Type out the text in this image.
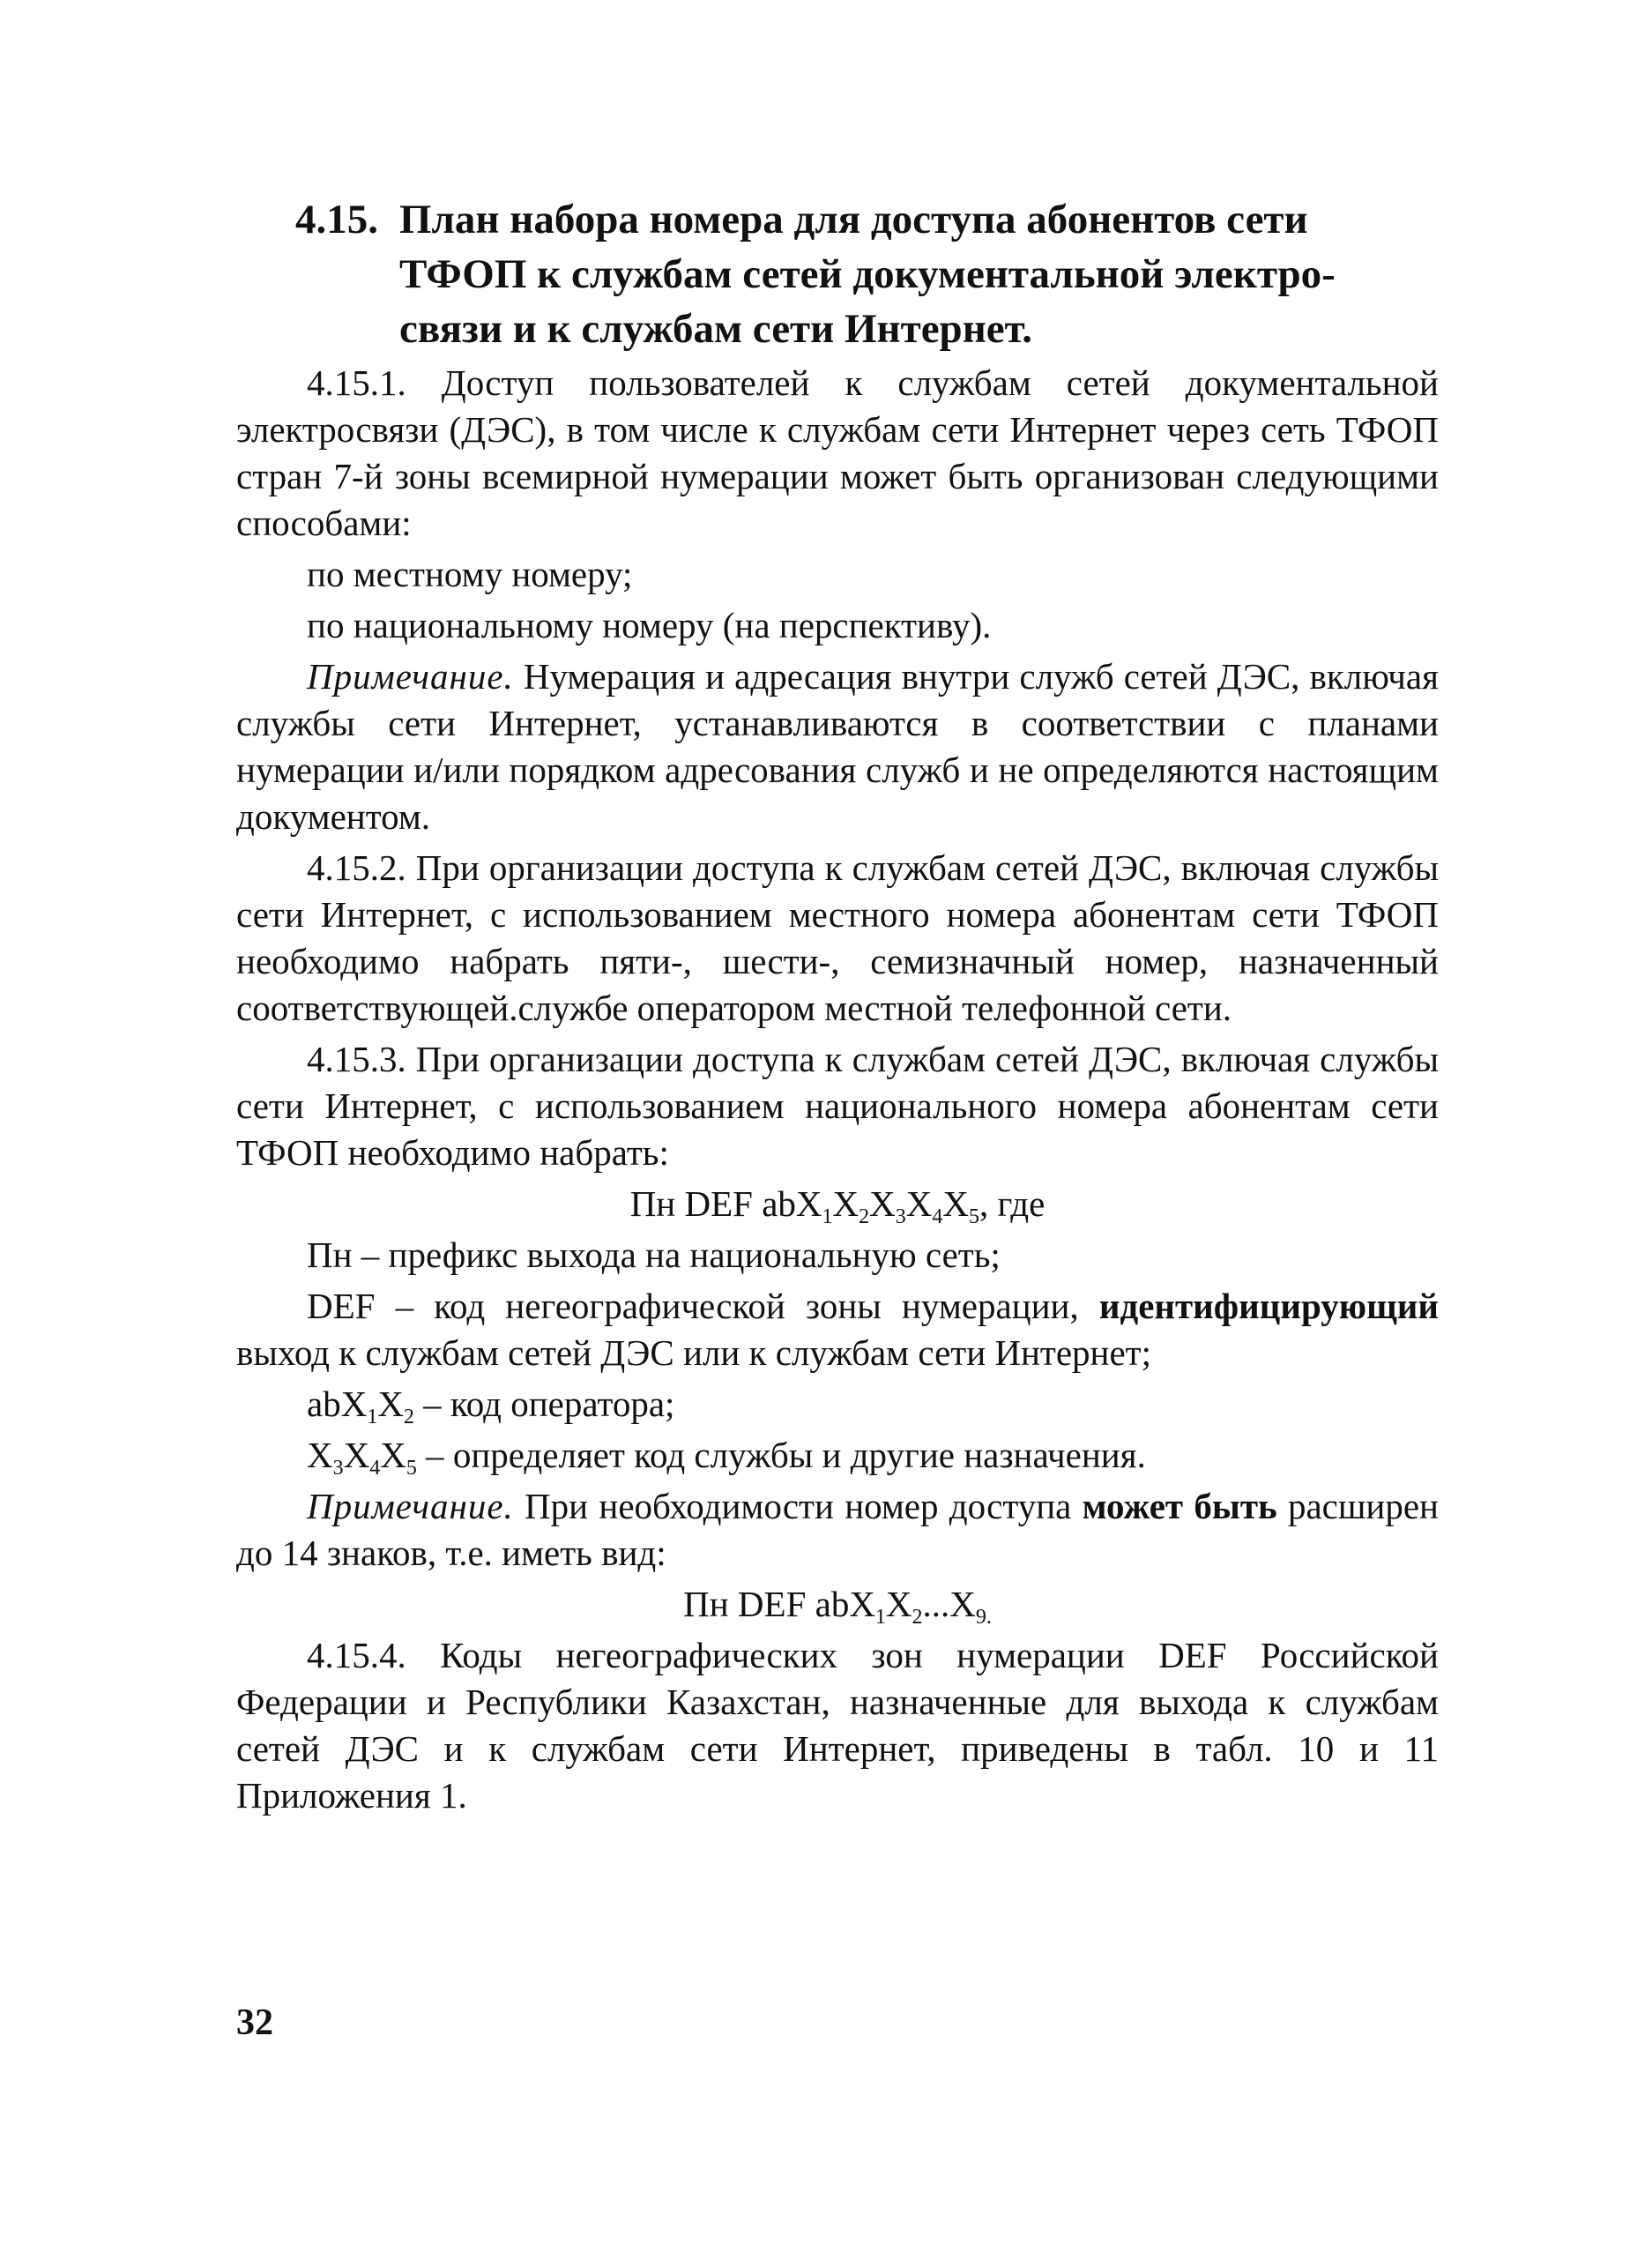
4.15. План набора номера для доступа абонентов сети
ТФОП к службам сетей документальной электро-
связи и к службам сети Интернет.

4.15.1. Доступ пользователей к службам сетей документальной электросвязи (ДЭС), в том числе к службам сети Интернет через сеть ТФОП стран 7-й зоны всемирной нумерации может быть организован следующими способами:

по местному номеру;

по национальному номеру (на перспективу).

Примечание. Нумерация и адресация внутри служб сетей ДЭС, включая службы сети Интернет, устанавливаются в соответствии с планами нумерации и/или порядком адресования служб и не определяются настоящим документом.

4.15.2. При организации доступа к службам сетей ДЭС, включая службы сети Интернет, с использованием местного номера абонентам сети ТФОП необходимо набрать пяти-, шести-, семизначный номер, назначенный соответствующей.службе оператором местной телефонной сети.

4.15.3. При организации доступа к службам сетей ДЭС, включая службы сети Интернет, с использованием национального номера абонентам сети ТФОП необходимо набрать:

Пн DEF $abX_1X_2X_3X_4X_5$, где

Пн – префикс выхода на национальную сеть;

DEF – код негеографической зоны нумерации, идентифицирующий выход к службам сетей ДЭС или к службам сети Интернет;

$abX_1X_2$ – код оператора;

$X_3X_4X_5$ – определяет код службы и другие назначения.

Примечание. При необходимости номер доступа может быть расширен до 14 знаков, т.е. иметь вид:

Пн DEF $abX_1X_2...X_{9.}$

4.15.4. Коды негеографических зон нумерации DEF Российской Федерации и Республики Казахстан, назначенные для выхода к службам сетей ДЭС и к службам сети Интернет, приведены в табл. 10 и 11 Приложения 1.

32
